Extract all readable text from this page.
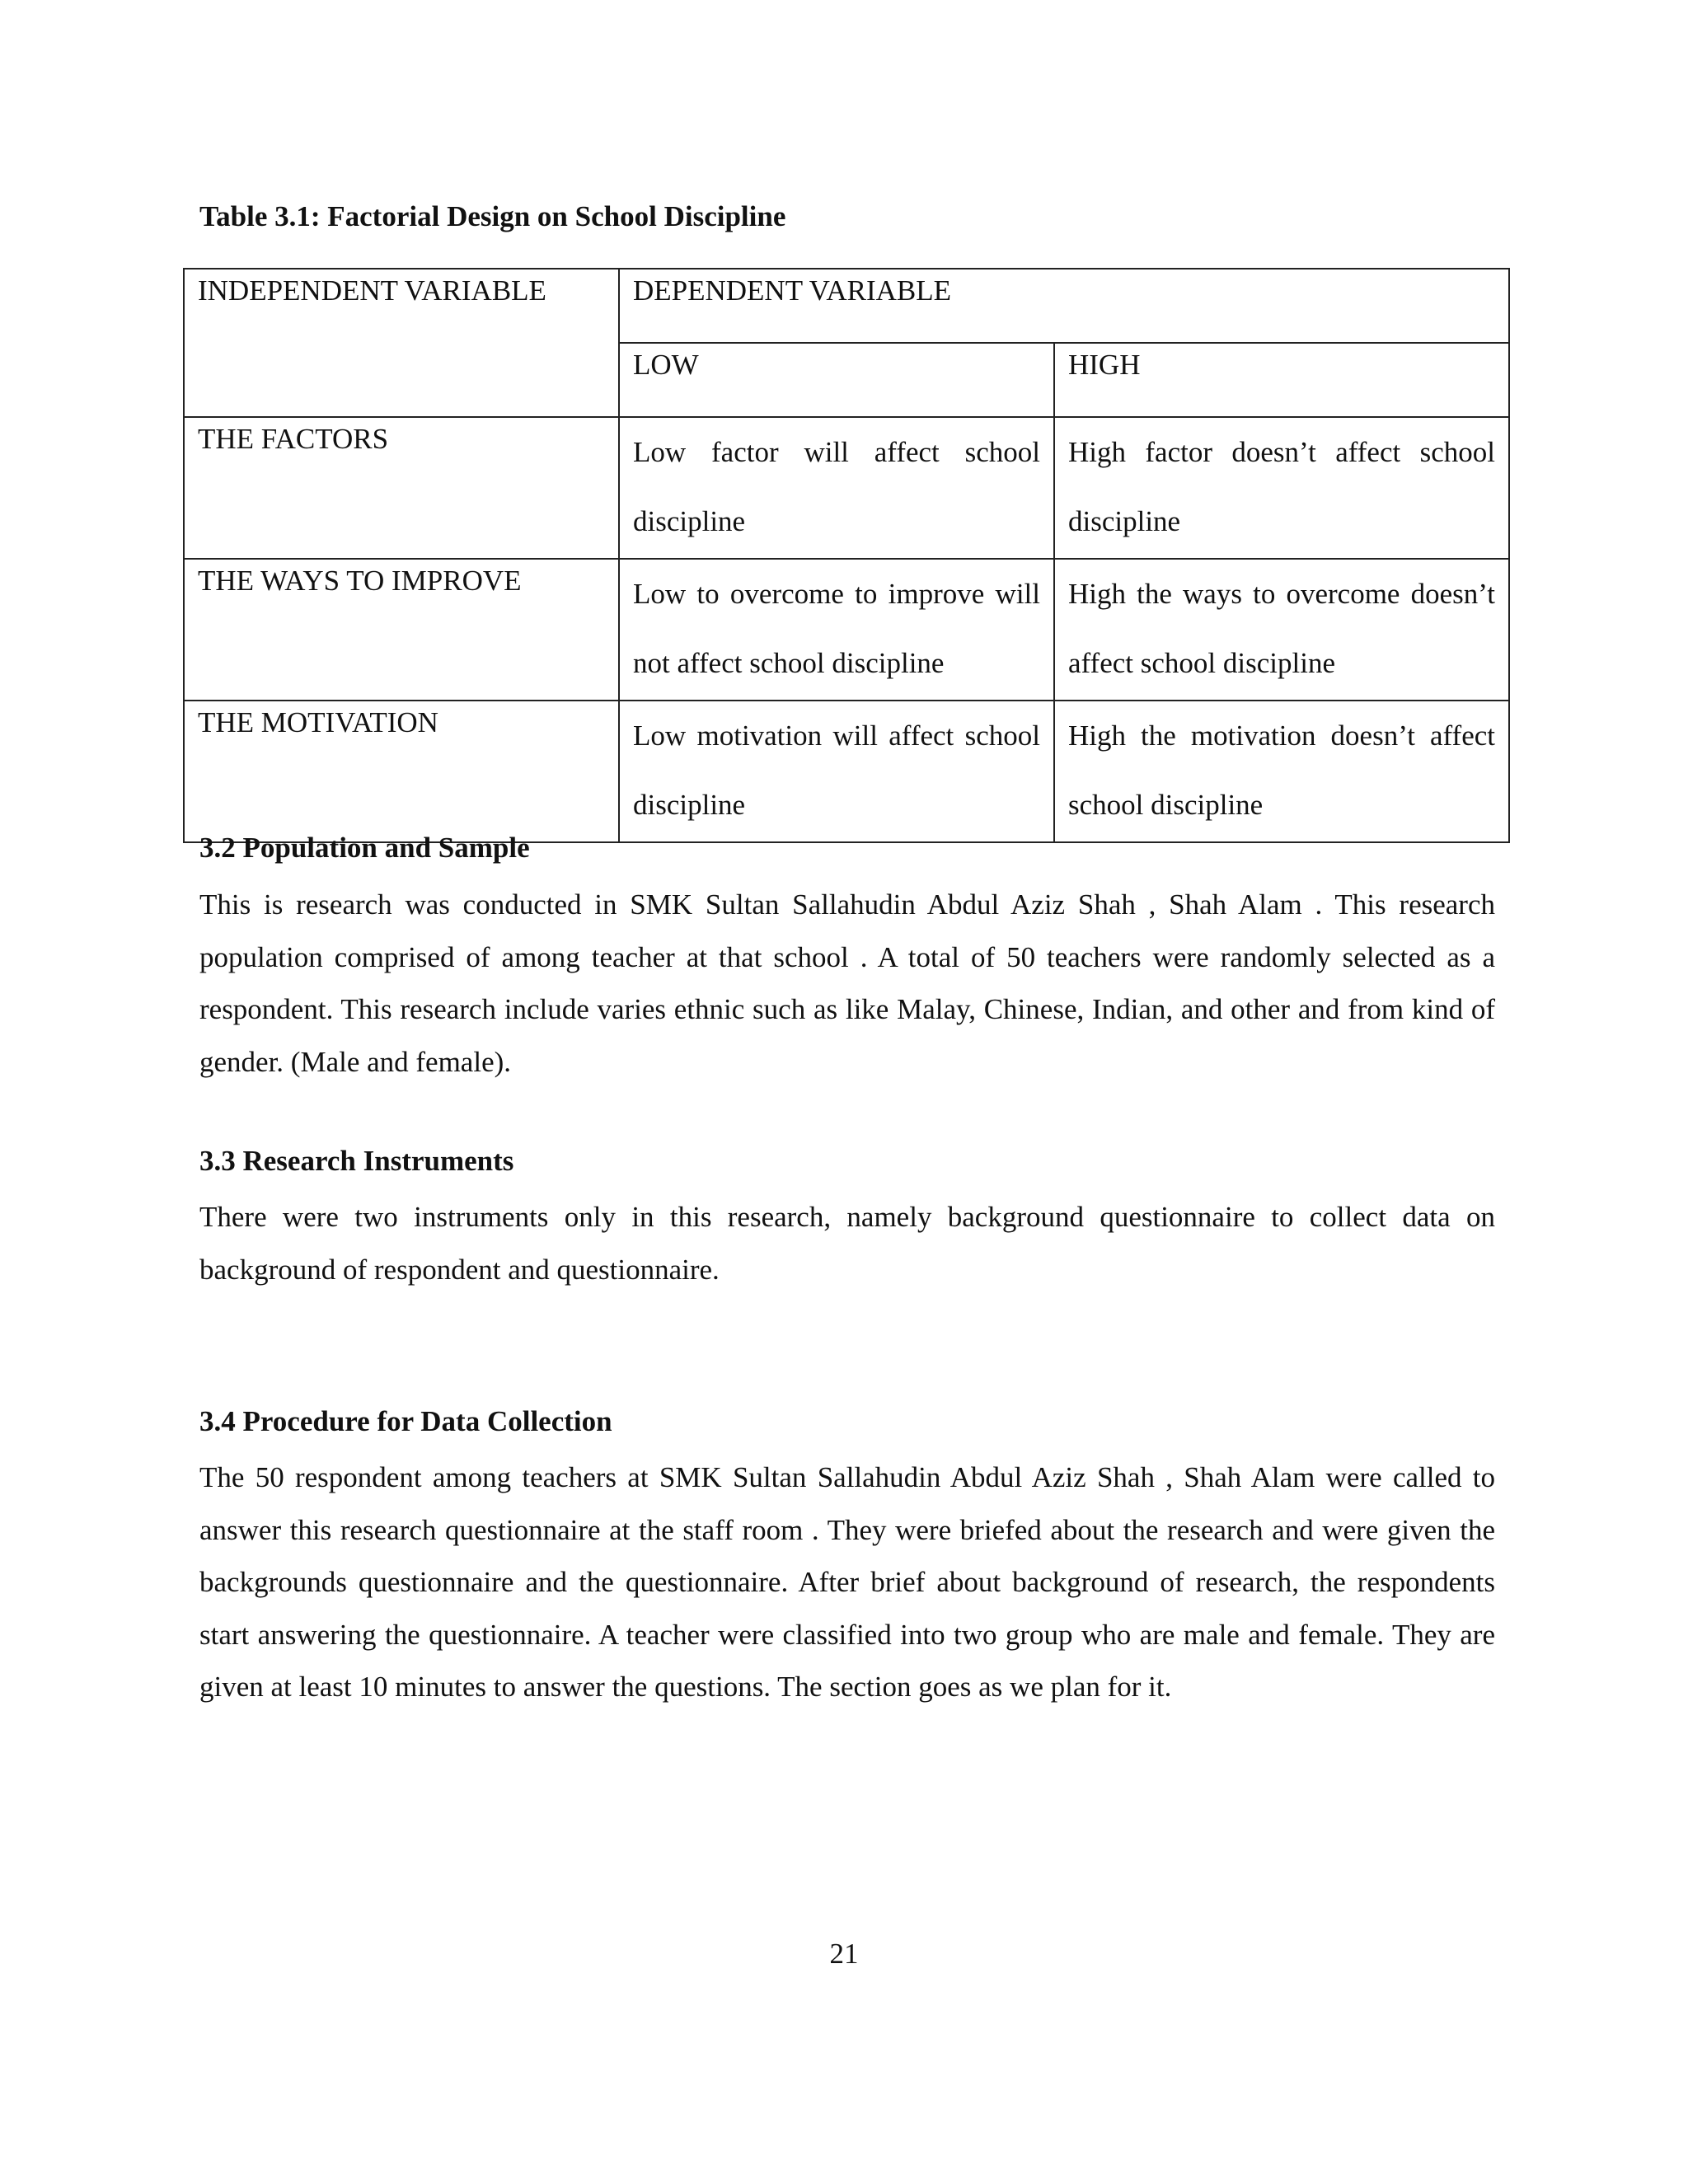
Table 3.1: Factorial Design on School Discipline

INDEPENDENT VARIABLE	DEPENDENT VARIABLE	
	LOW	HIGH
THE FACTORS	Low factor will affect school discipline	High factor doesn’t affect school discipline
THE WAYS TO IMPROVE	Low to overcome to improve will not affect school discipline	High the ways to overcome doesn’t affect school discipline
THE MOTIVATION	Low motivation will affect school discipline	High the motivation doesn’t affect school discipline

3.2 Population and Sample

This is research was conducted in SMK Sultan Sallahudin Abdul Aziz Shah , Shah Alam . This research population comprised of among teacher at that school . A total of 50 teachers were randomly selected as a respondent. This research include varies ethnic such as like Malay, Chinese, Indian, and other and from kind of gender. (Male and female).

3.3 Research Instruments

There were two instruments only in this research, namely background questionnaire to collect data on background of respondent and questionnaire.

3.4 Procedure for Data Collection

The 50 respondent among teachers at SMK Sultan Sallahudin Abdul Aziz Shah , Shah Alam were called to answer this research questionnaire at the staff room . They were briefed about the research and were given the backgrounds questionnaire and the questionnaire. After brief about background of research, the respondents start answering the questionnaire. A teacher were classified into two group who are male and female. They are given at least 10 minutes to answer the questions. The section goes as we plan for it.

21
